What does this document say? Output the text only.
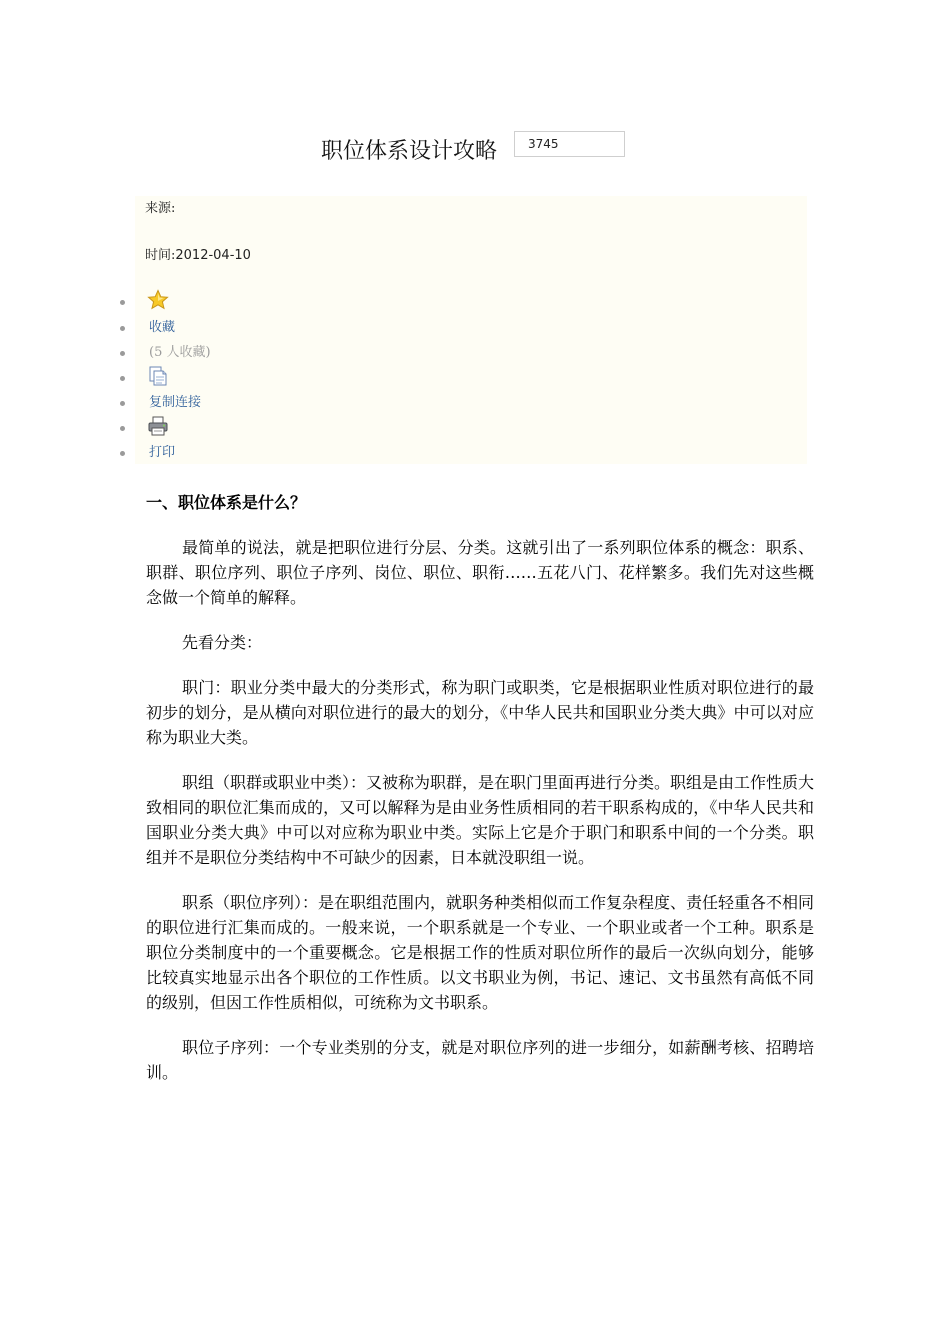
职位体系设计攻略	3745
来源:
时间:2012-04-10
收藏
(5 人收藏)
复制连接
打印
一、职位体系是什么？

最简单的说法，就是把职位进行分层、分类。这就引出了一系列职位体系的概念：职系、职群、职位序列、职位子序列、岗位、职位、职衔……五花八门、花样繁多。我们先对这些概念做一个简单的解释。

先看分类：

职门：职业分类中最大的分类形式，称为职门或职类，它是根据职业性质对职位进行的最初步的划分，是从横向对职位进行的最大的划分，《中华人民共和国职业分类大典》中可以对应称为职业大类。

职组（职群或职业中类）：又被称为职群，是在职门里面再进行分类。职组是由工作性质大致相同的职位汇集而成的，又可以解释为是由业务性质相同的若干职系构成的，《中华人民共和国职业分类大典》中可以对应称为职业中类。实际上它是介于职门和职系中间的一个分类。职组并不是职位分类结构中不可缺少的因素，日本就没职组一说。

职系（职位序列）：是在职组范围内，就职务种类相似而工作复杂程度、责任轻重各不相同的职位进行汇集而成的。一般来说，一个职系就是一个专业、一个职业或者一个工种。职系是职位分类制度中的一个重要概念。它是根据工作的性质对职位所作的最后一次纵向划分，能够比较真实地显示出各个职位的工作性质。以文书职业为例，书记、速记、文书虽然有高低不同的级别，但因工作性质相似，可统称为文书职系。

职位子序列：一个专业类别的分支，就是对职位序列的进一步细分，如薪酬考核、招聘培训。
